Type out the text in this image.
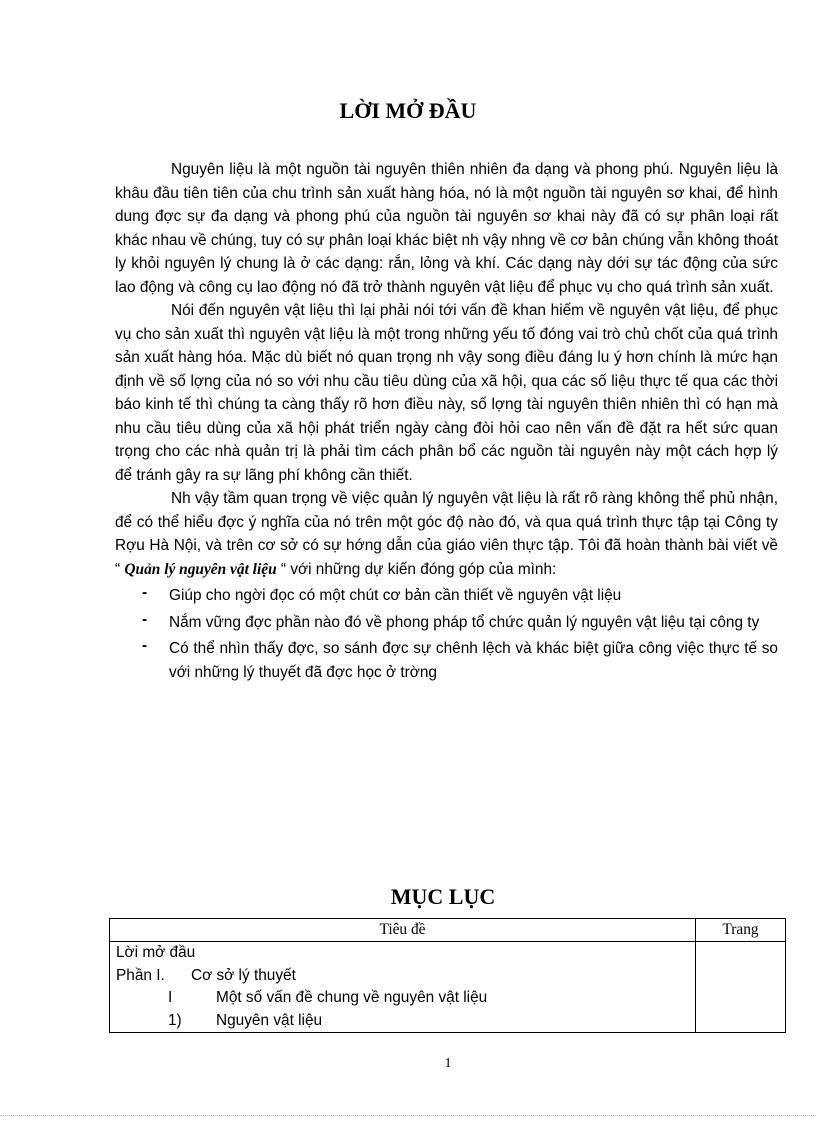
LỜI MỞ ĐẦU

Nguyên liệu là một nguồn tài nguyên thiên nhiên đa dạng và phong phú. Nguyên liệu là khâu đầu tiên tiên của chu trình sản xuất hàng hóa, nó là một nguồn tài nguyên sơ khai, để hình dung đợc sự đa dạng và phong phú của nguồn tài nguyên sơ khai này đã có sự phân loại rất khác nhau về chúng, tuy có sự phân loại khác biệt nh vậy nhng về cơ bản chúng vẫn không thoát ly khỏi nguyên lý chung là ở các dạng: rắn, lỏng và khí. Các dạng này dới sự tác động của sức lao động và công cụ lao động nó đã trở thành nguyên vật liệu để phục vụ cho quá trình sản xuất.

Nói đến nguyên vật liệu thì lại phải nói tới vấn đề khan hiếm về nguyên vật liệu, để phục vụ cho sản xuất thì nguyên vật liệu là một trong những yếu tố đóng vai trò chủ chốt của quá trình sản xuất hàng hóa. Mặc dù biết nó quan trọng nh vậy song điều đáng lu ý hơn chính là mức hạn định về số lợng của nó so với nhu cầu tiêu dùng của xã hội, qua các số liệu thực tế qua các thời báo kinh tế thì chúng ta càng thấy rõ hơn điều này, số lợng tài nguyên thiên nhiên thì có hạn mà nhu cầu tiêu dùng của xã hội phát triển ngày càng đòi hỏi cao nên vấn đề đặt ra hết sức quan trọng cho các nhà quản trị là phải tìm cách phân bổ các nguồn tài nguyên này một cách hợp lý để tránh gây ra sự lãng phí không cần thiết.

Nh vậy tầm quan trọng về việc quản lý nguyên vật liệu là rất rõ ràng không thể phủ nhận, để có thể hiểu đợc ý nghĩa của nó trên một góc độ nào đó, và qua quá trình thực tập tại Công ty Rợu Hà Nội, và trên cơ sở có sự hớng dẫn của giáo viên thực tập. Tôi đã hoàn thành bài viết về “ Quản lý nguyên vật liệu “ với những dự kiến đóng góp của mình:

-	Giúp cho ngời đọc có một chút cơ bản cần thiết về nguyên vật liệu
-	Nắm vững đợc phần nào đó về phong pháp tổ chức quản lý nguyên vật liệu tại công ty
-	Có thể nhìn thấy đợc, so sánh đợc sự chênh lệch và khác biệt giữa công việc thực tế so với những lý thuyết đã đợc học ở trờng
MỤC LỤC
Tiêu đề	Trang

Lời mở đầu
Phần I. Cơ sở lý thuyết
I Một số vấn đề chung về nguyên vật liệu
1) Nguyên vật liệu	

1
